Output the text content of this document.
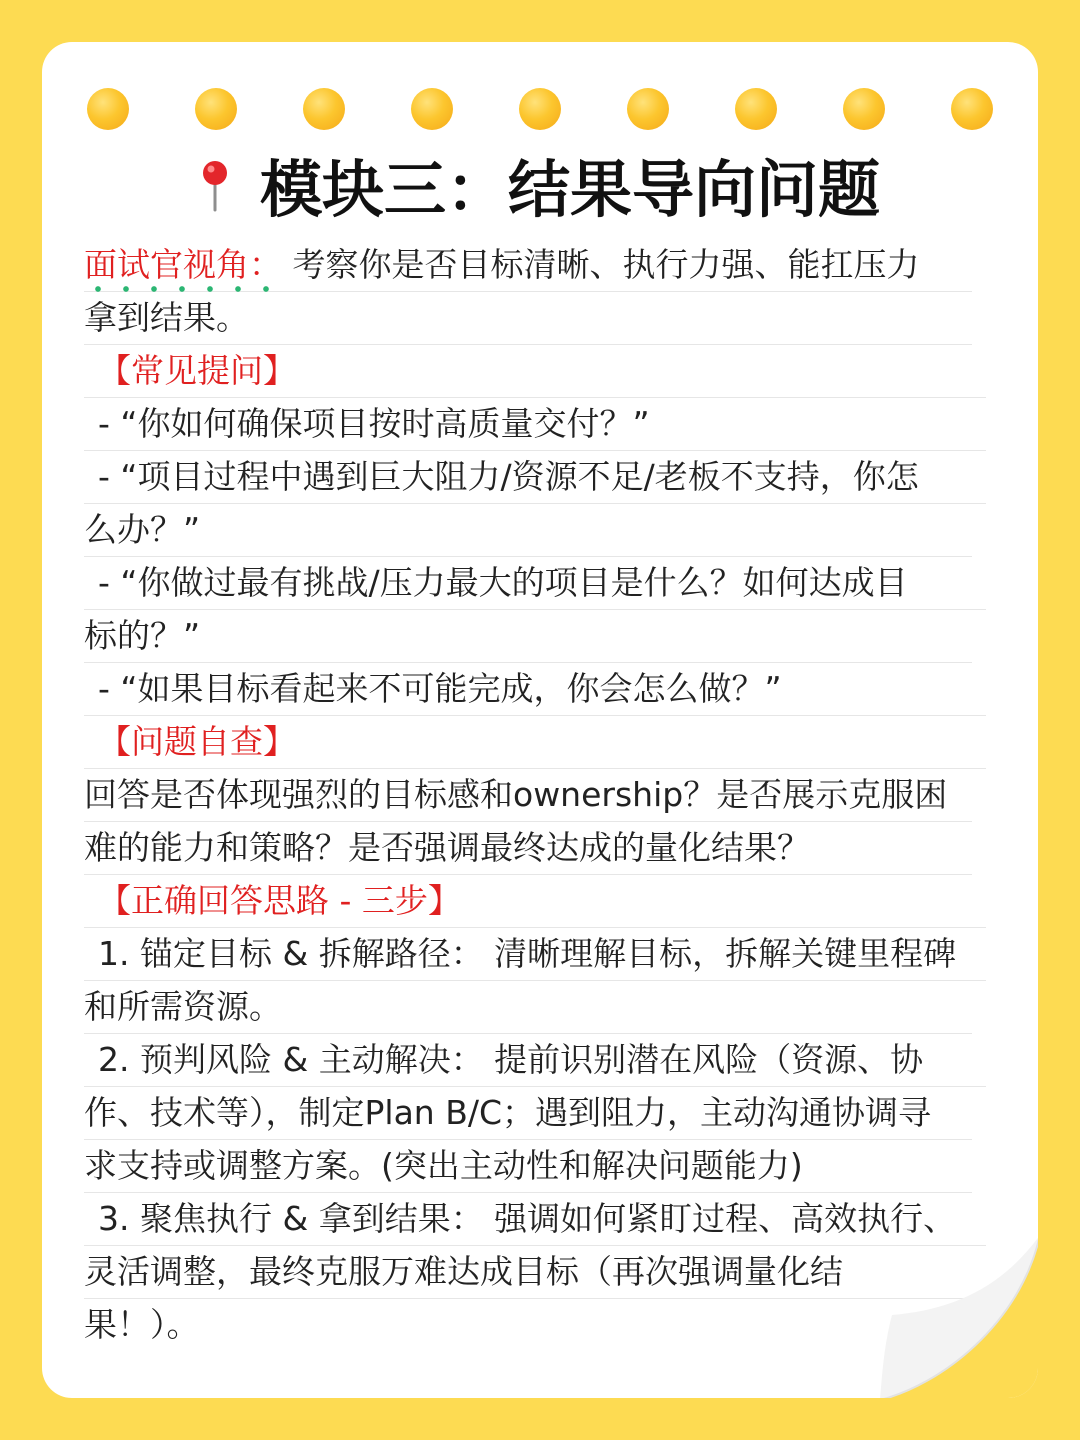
模块三：结果导向问题
面试官视角： 考察你是否目标清晰、执行力强、能扛压力
拿到结果。
【常见提问】
- “你如何确保项目按时高质量交付？”
- “项目过程中遇到巨大阻力/资源不足/老板不支持，你怎
么办？”
- “你做过最有挑战/压力最大的项目是什么？如何达成目
标的？”
- “如果目标看起来不可能完成，你会怎么做？”
【问题自查】
回答是否体现强烈的目标感和ownership？是否展示克服困
难的能力和策略？是否强调最终达成的量化结果？
【正确回答思路 - 三步】
1. 锚定目标 & 拆解路径： 清晰理解目标，拆解关键里程碑
和所需资源。
2. 预判风险 & 主动解决： 提前识别潜在风险（资源、协
作、技术等），制定Plan B/C；遇到阻力，主动沟通协调寻
求支持或调整方案。(突出主动性和解决问题能力)
3. 聚焦执行 & 拿到结果： 强调如何紧盯过程、高效执行、
灵活调整，最终克服万难达成目标（再次强调量化结
果！）。
